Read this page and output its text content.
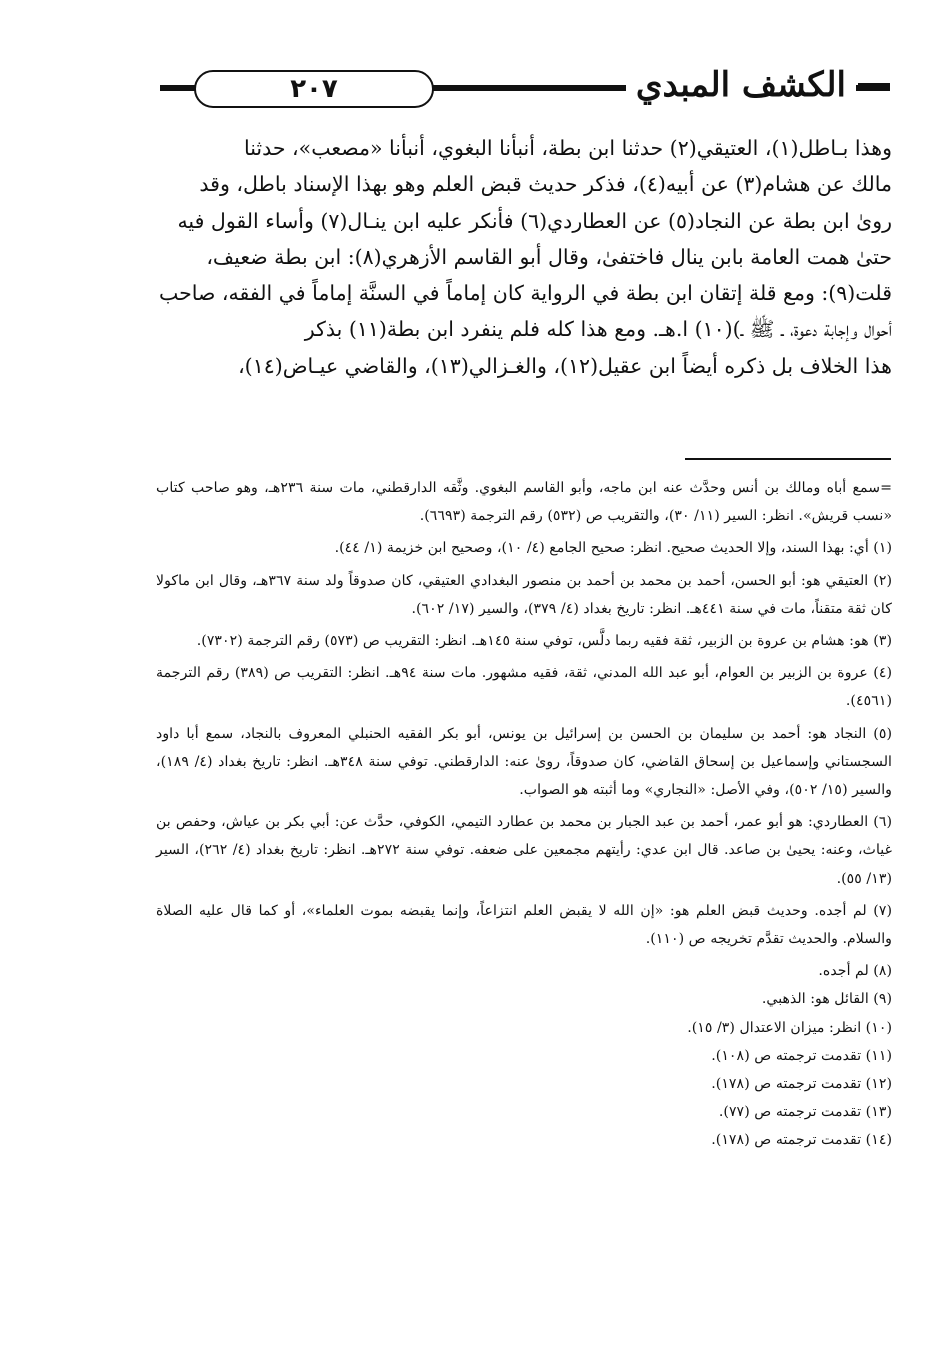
٢٠٧	الكشف المبدي

وهذا بـاطل(١)، العتيقي(٢) حدثنا ابن بطة، أنبأنا البغوي، أنبأنا «مصعب»، حدثنا

مالك عن هشام(٣) عن أبيه(٤)، فذكر حديث قبض العلم وهو بهذا الإسناد باطل، وقد

روىٰ ابن بطة عن النجاد(٥) عن العطاردي(٦) فأنكر عليه ابن ينـال(٧) وأساء القول فيه

حتىٰ همت العامة بابن ينال فاختفىٰ، وقال أبو القاسم الأزهري(٨): ابن بطة ضعيف،

قلت(٩): ومع قلة إتقان ابن بطة في الرواية كان إماماً في السنَّة إماماً في الفقه، صاحب

أحوال وإجابة دعوة، ـ ﷺ ـ)(١٠) ا.هـ. ومع هذا كله فلم ينفرد ابن بطة(١١) بذكر

هذا الخلاف بل ذكره أيضاً ابن عقيل(١٢)، والغـزالي(١٣)، والقاضي عيـاض(١٤)،

=سمع أباه ومالك بن أنس وحدَّث عنه ابن ماجه، وأبو القاسم البغوي. وثَّقه الدارقطني، مات سنة ٢٣٦هـ، وهو صاحب كتاب «نسب قريش». انظر: السير (١١/ ٣٠)، والتقريب ص (٥٣٢) رقم الترجمة (٦٦٩٣).

(١) أي: بهذا السند، وإلا الحديث صحيح. انظر: صحيح الجامع (٤/ ١٠)، وصحيح ابن خزيمة (١/ ٤٤).

(٢) العتيقي هو: أبو الحسن، أحمد بن محمد بن أحمد بن منصور البغدادي العتيقي، كان صدوقاً ولد سنة ٣٦٧هـ، وقال ابن ماكولا كان ثقة متقناً، مات في سنة ٤٤١هـ. انظر: تاريخ بغداد (٤/ ٣٧٩)، والسير (١٧/ ٦٠٢).

(٣) هو: هشام بن عروة بن الزبير، ثقة فقيه ربما دلَّس، توفي سنة ١٤٥هـ. انظر: التقريب ص (٥٧٣) رقم الترجمة (٧٣٠٢).

(٤) عروة بن الزبير بن العوام، أبو عبد الله المدني، ثقة، فقيه مشهور. مات سنة ٩٤هـ. انظر: التقريب ص (٣٨٩) رقم الترجمة (٤٥٦١).

(٥) النجاد هو: أحمد بن سليمان بن الحسن بن إسرائيل بن يونس، أبو بكر الفقيه الحنبلي المعروف بالنجاد، سمع أبا داود السجستاني وإسماعيل بن إسحاق القاضي، كان صدوقاً، روىٰ عنه: الدارقطني. توفي سنة ٣٤٨هـ. انظر: تاريخ بغداد (٤/ ١٨٩)، والسير (١٥/ ٥٠٢)، وفي الأصل: «النجاري» وما أثبته هو الصواب.

(٦) العطاردي: هو أبو عمر، أحمد بن عبد الجبار بن محمد بن عطارد التيمي، الكوفي، حدَّث عن: أبي بكر بن عياش، وحفص بن غياث، وعنه: يحيىٰ بن صاعد. قال ابن عدي: رأيتهم مجمعين على ضعفه. توفي سنة ٢٧٢هـ. انظر: تاريخ بغداد (٤/ ٢٦٢)، السير (١٣/ ٥٥).

(٧) لم أجده. وحديث قبض العلم هو: «إن الله لا يقبض العلم انتزاعاً، وإنما يقبضه بموت العلماء»، أو كما قال عليه الصلاة والسلام. والحديث تقدَّم تخريجه ص (١١٠).

(٨) لم أجده.

(٩) القائل هو: الذهبي.

(١٠) انظر: ميزان الاعتدال (٣/ ١٥).

(١١) تقدمت ترجمته ص (١٠٨).

(١٢) تقدمت ترجمته ص (١٧٨).

(١٣) تقدمت ترجمته ص (٧٧).

(١٤) تقدمت ترجمته ص (١٧٨).
